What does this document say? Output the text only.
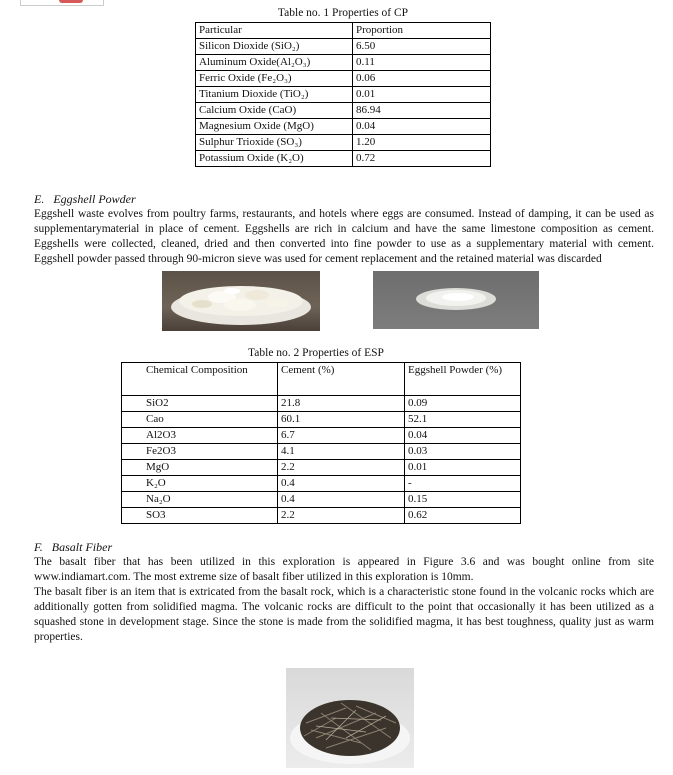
Table no. 1 Properties of CP
Particular	Proportion
Silicon Dioxide (SiO₂)	6.50
Aluminum Oxide(Al₂O₃)	0.11
Ferric Oxide (Fe₂O₃)	0.06
Titanium Dioxide (TiO₂)	0.01
Calcium Oxide (CaO)	86.94
Magnesium Oxide (MgO)	0.04
Sulphur Trioxide (SO₃)	1.20
Potassium Oxide (K₂O)	0.72
E.   Eggshell Powder
Eggshell waste evolves from poultry farms, restaurants, and hotels where eggs are consumed. Instead of damping, it can be used as supplementarymaterial in place of cement. Eggshells are rich in calcium and have the same limestone composition as cement. Eggshells were collected, cleaned, dried and then converted into fine powder to use as a supplementary material with cement. Eggshell powder passed through 90-micron sieve was used for cement replacement and the retained material was discarded
Table no. 2 Properties of ESP
Chemical Composition	Cement (%)	Eggshell Powder (%)
SiO2	21.8	0.09
Cao	60.1	52.1
Al2O3	6.7	0.04
Fe2O3	4.1	0.03
MgO	2.2	0.01
K₂O	0.4	-
Na₂O	0.4	0.15
SO3	2.2	0.62
F.   Basalt Fiber
The basalt fiber that has been utilized in this exploration is appeared in Figure 3.6 and was bought online from site www.indiamart.com. The most extreme size of basalt fiber utilized in this exploration is 10mm.
The basalt fiber is an item that is extricated from the basalt rock, which is a characteristic stone found in the volcanic rocks which are additionally gotten from solidified magma. The volcanic rocks are difficult to the point that occasionally it has been utilized as a squashed stone in development stage. Since the stone is made from the solidified magma, it has best toughness, quality just as warm properties.
